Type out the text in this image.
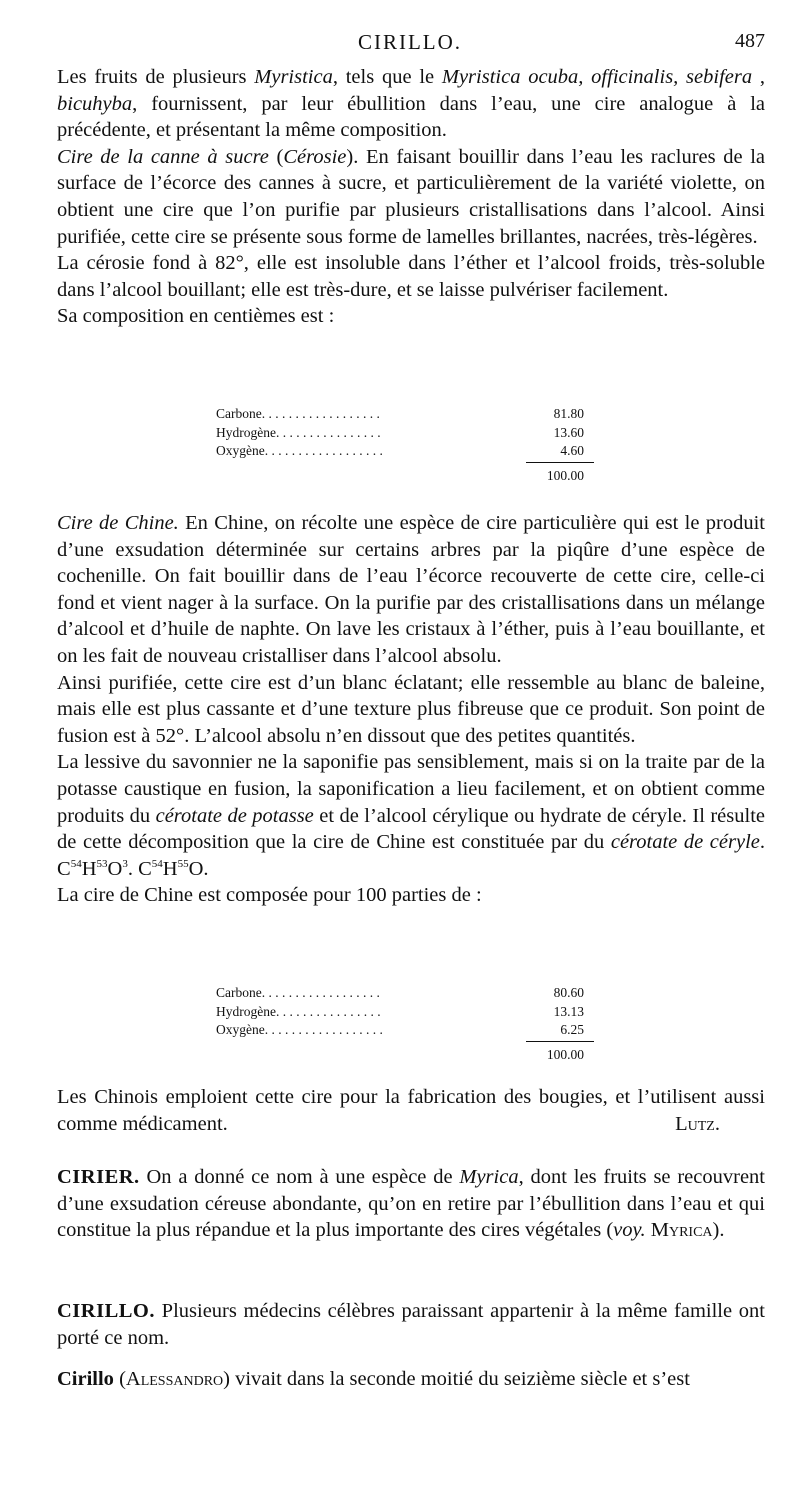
CIRILLO.	487

Les fruits de plusieurs Myristica, tels que le Myristica ocuba, officinalis, sebifera , bicuhyba, fournissent, par leur ébullition dans l’eau, une cire analogue à la précédente, et présentant la même composition.

Cire de la canne à sucre (Cérosie). En faisant bouillir dans l’eau les raclures de la surface de l’écorce des cannes à sucre, et particulièrement de la variété violette, on obtient une cire que l’on purifie par plusieurs cristallisations dans l’alcool. Ainsi purifiée, cette cire se présente sous forme de lamelles brillantes, nacrées, très-légères.

La cérosie fond à 82°, elle est insoluble dans l’éther et l’alcool froids, très-soluble dans l’alcool bouillant; elle est très-dure, et se laisse pulvériser facilement.

Sa composition en centièmes est :

Carbone. . . . . . . . . . . . . . . . . .	81.80
Hydrogène. . . . . . . . . . . . . . . .	13.60
Oxygène. . . . . . . . . . . . . . . . . .	4.60
100.00

Cire de Chine. En Chine, on récolte une espèce de cire particulière qui est le produit d’une exsudation déterminée sur certains arbres par la piqûre d’une espèce de cochenille. On fait bouillir dans de l’eau l’écorce recouverte de cette cire, celle-ci fond et vient nager à la surface. On la purifie par des cristallisations dans un mélange d’alcool et d’huile de naphte. On lave les cristaux à l’éther, puis à l’eau bouillante, et on les fait de nouveau cristalliser dans l’alcool absolu.

Ainsi purifiée, cette cire est d’un blanc éclatant; elle ressemble au blanc de baleine, mais elle est plus cassante et d’une texture plus fibreuse que ce produit. Son point de fusion est à 52°. L’alcool absolu n’en dissout que des petites quantités.

La lessive du savonnier ne la saponifie pas sensiblement, mais si on la traite par de la potasse caustique en fusion, la saponification a lieu facilement, et on obtient comme produits du cérotate de potasse et de l’alcool cérylique ou hydrate de céryle. Il résulte de cette décomposition que la cire de Chine est constituée par du cérotate de céryle. $C^{54}H^{53}O^3$. $C^{54}H^{55}O$.

La cire de Chine est composée pour 100 parties de :

Carbone. . . . . . . . . . . . . . . . . .	80.60
Hydrogène. . . . . . . . . . . . . . . .	13.13
Oxygène. . . . . . . . . . . . . . . . . .	6.25
100.00

Les Chinois emploient cette cire pour la fabrication des bougies, et l’utilisent aussi comme médicament.	Lutz.

CIRIER. On a donné ce nom à une espèce de Myrica, dont les fruits se recouvrent d’une exsudation céreuse abondante, qu’on en retire par l’ébullition dans l’eau et qui constitue la plus répandue et la plus importante des cires végétales (voy. Myrica).

CIRILLO. Plusieurs médecins célèbres paraissant appartenir à la même famille ont porté ce nom.

Cirillo (Alessandro) vivait dans la seconde moitié du seizième siècle et s’est
